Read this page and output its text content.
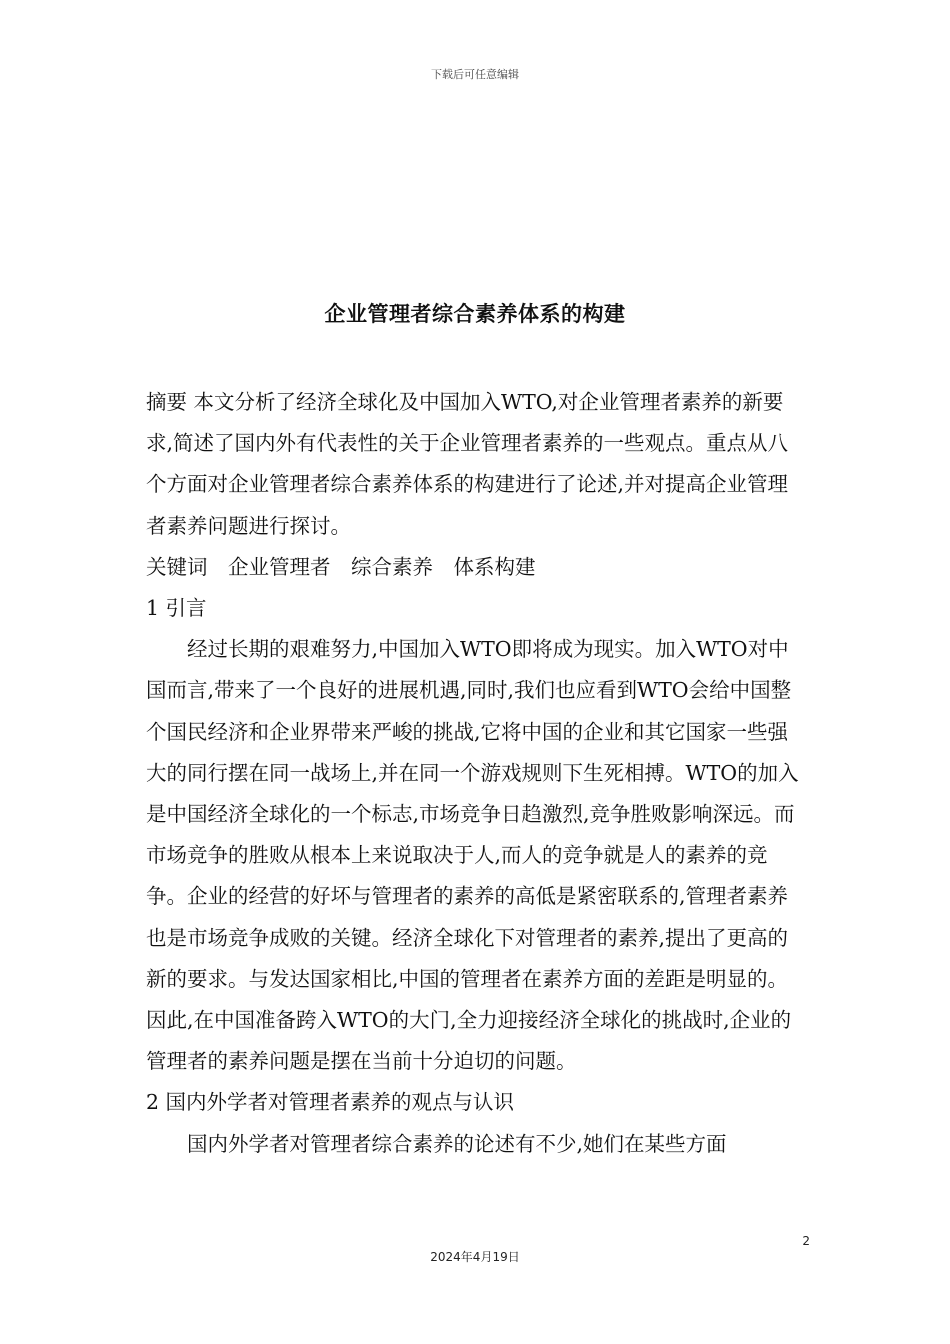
下载后可任意编辑
企业管理者综合素养体系的构建

摘要 本文分析了经济全球化及中国加入WTO,对企业管理者素养的新要求,简述了国内外有代表性的关于企业管理者素养的一些观点。重点从八个方面对企业管理者综合素养体系的构建进行了论述,并对提高企业管理者素养问题进行探讨。

关键词 企业管理者 综合素养 体系构建

1 引言

经过长期的艰难努力,中国加入WTO即将成为现实。加入WTO对中国而言,带来了一个良好的进展机遇,同时,我们也应看到WTO会给中国整个国民经济和企业界带来严峻的挑战,它将中国的企业和其它国家一些强大的同行摆在同一战场上,并在同一个游戏规则下生死相搏。WTO的加入是中国经济全球化的一个标志,市场竞争日趋激烈,竞争胜败影响深远。而市场竞争的胜败从根本上来说取决于人,而人的竞争就是人的素养的竞争。企业的经营的好坏与管理者的素养的高低是紧密联系的,管理者素养也是市场竞争成败的关键。经济全球化下对管理者的素养,提出了更高的新的要求。与发达国家相比,中国的管理者在素养方面的差距是明显的。因此,在中国准备跨入WTO的大门,全力迎接经济全球化的挑战时,企业的管理者的素养问题是摆在当前十分迫切的问题。

2 国内外学者对管理者素养的观点与认识

国内外学者对管理者综合素养的论述有不少,她们在某些方面

2
2024年4月19日
